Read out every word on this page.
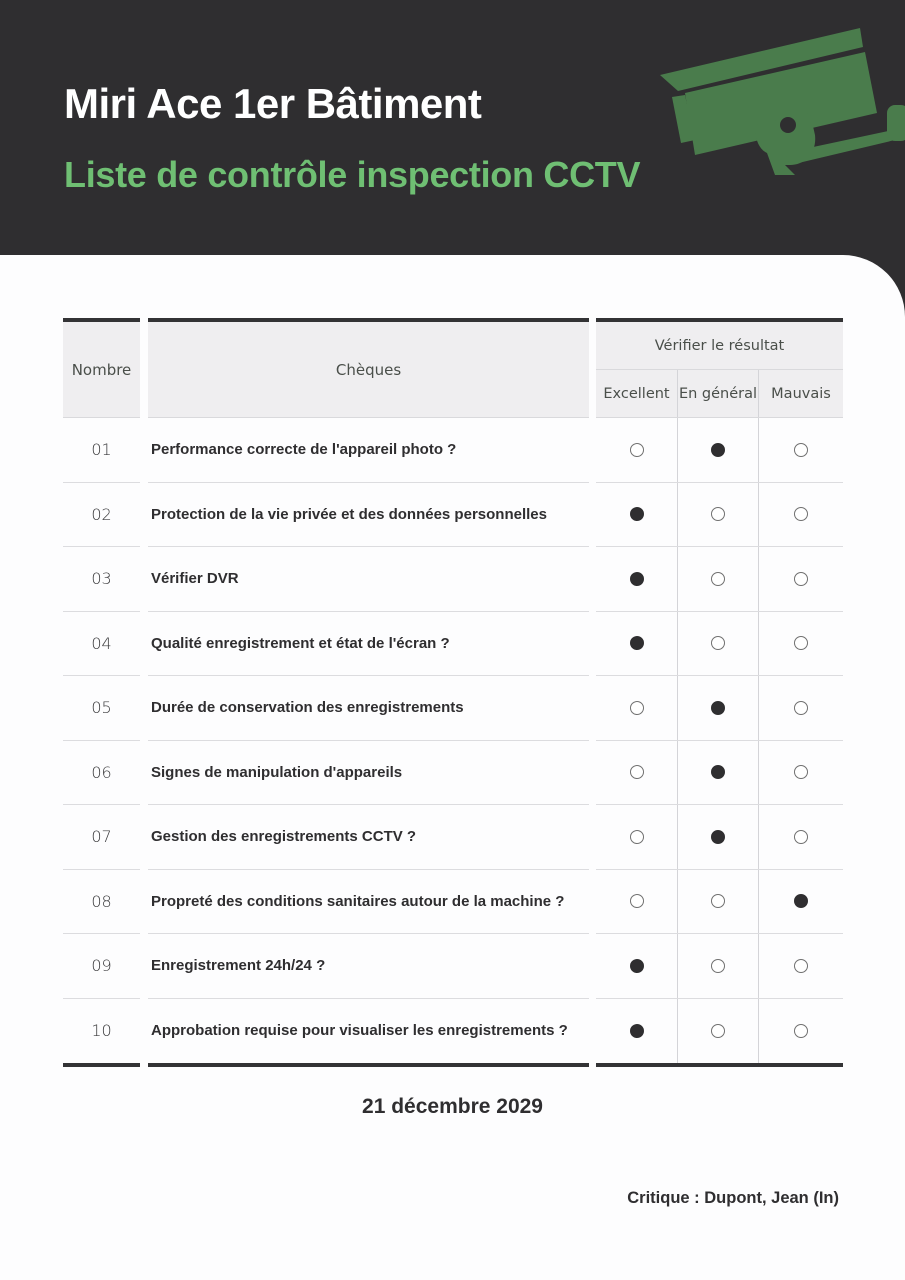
Miri Ace 1er Bâtiment
Liste de contrôle inspection CCTV
Nombre
01
02
03
04
05
06
07
08
09
10
Chèques
Performance correcte de l'appareil photo ?
Protection de la vie privée et des données personnelles
Vérifier DVR
Qualité enregistrement et état de l'écran ?
Durée de conservation des enregistrements
Signes de manipulation d'appareils
Gestion des enregistrements CCTV ?
Propreté des conditions sanitaires autour de la machine ?
Enregistrement 24h/24 ?
Approbation requise pour visualiser les enregistrements ?
Vérifier le résultat
Excellent En général Mauvais
21 décembre 2029
Critique : Dupont, Jean (In)
